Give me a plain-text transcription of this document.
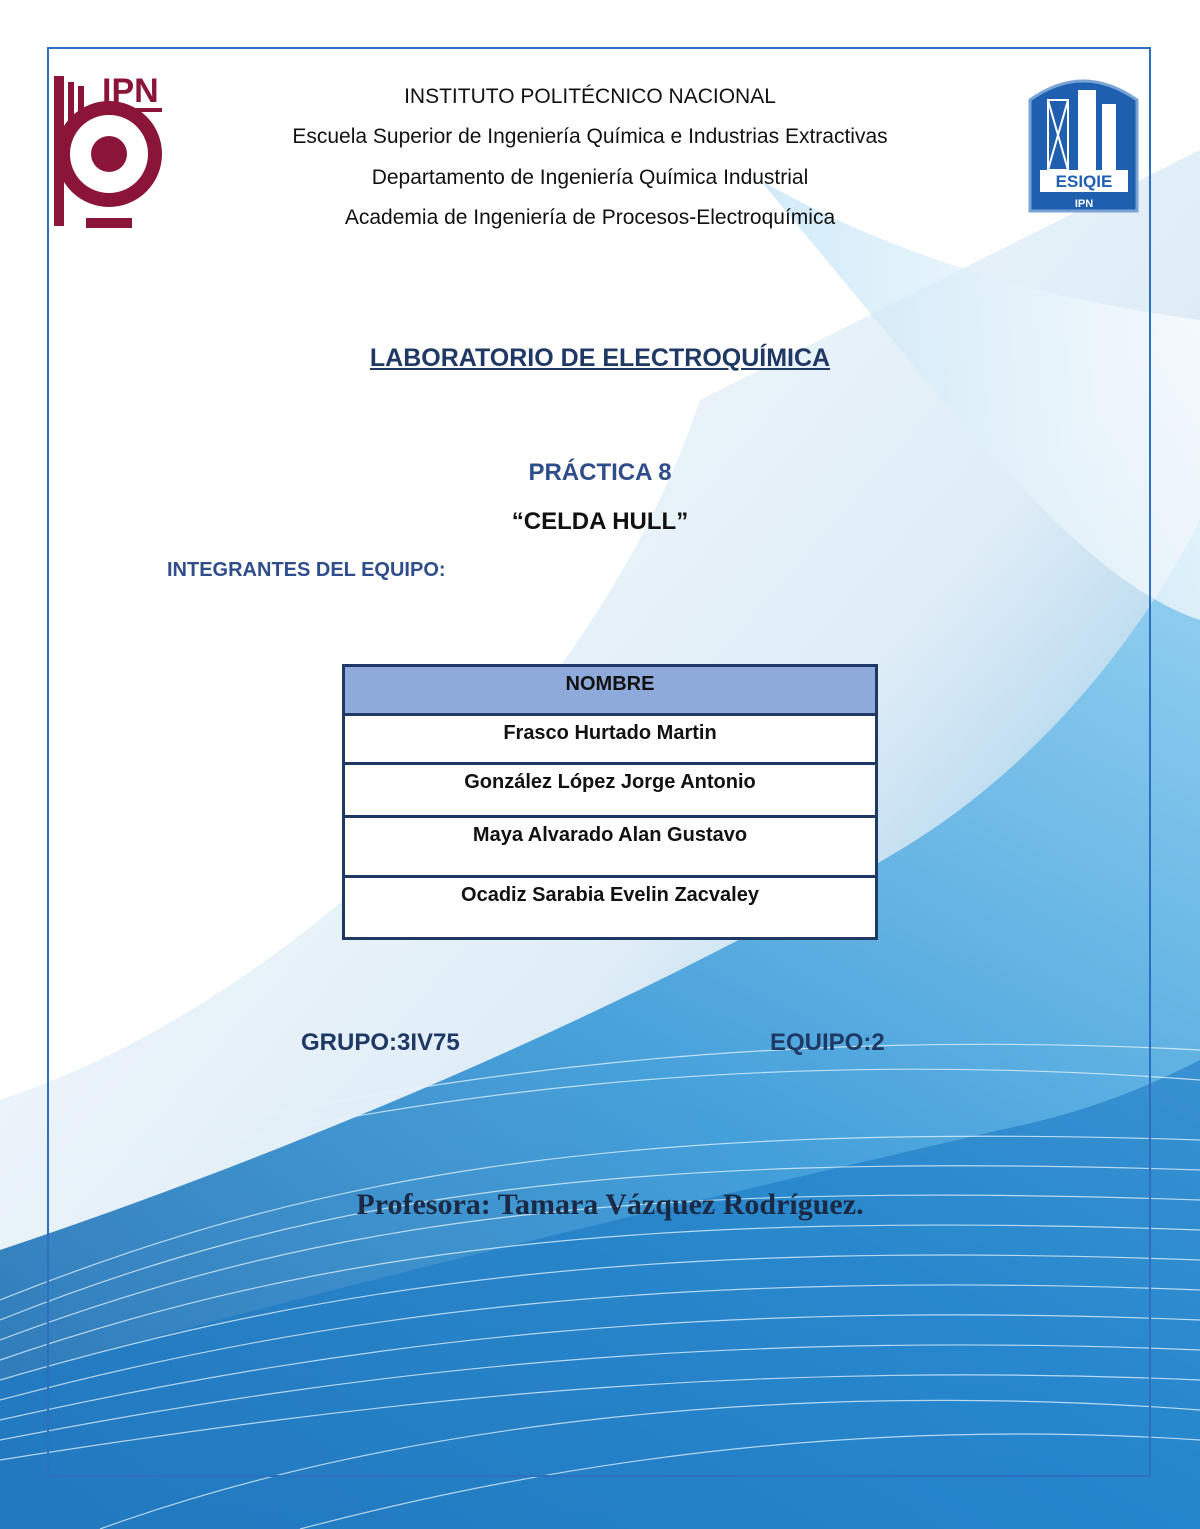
IPN
ESIQIE
IPN
INSTITUTO POLITÉCNICO NACIONAL
Escuela Superior de Ingeniería Química e Industrias Extractivas
Departamento de Ingeniería Química Industrial
Academia de Ingeniería de Procesos-Electroquímica
LABORATORIO DE ELECTROQUÍMICA
PRÁCTICA 8
“CELDA HULL”
INTEGRANTES DEL EQUIPO:
NOMBRE
Frasco Hurtado Martin
González López Jorge Antonio
Maya Alvarado Alan Gustavo
Ocadiz Sarabia Evelin Zacvaley
GRUPO:3IV75	EQUIPO:2
Profesora: Tamara Vázquez Rodríguez.
